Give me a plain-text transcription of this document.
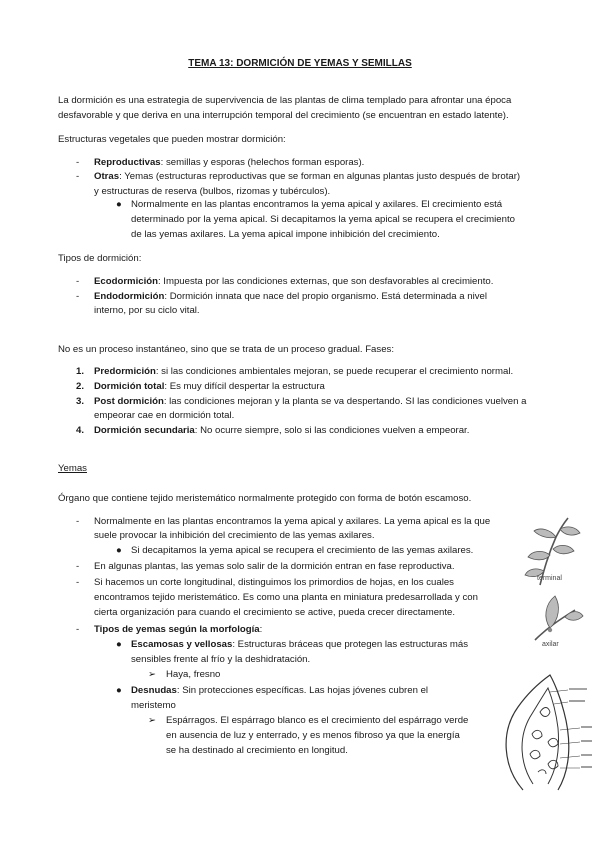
TEMA 13: DORMICIÓN DE YEMAS Y SEMILLAS
La dormición es una estrategia de supervivencia de las plantas de clima templado para afrontar una época
desfavorable y que deriva en una interrupción temporal del crecimiento (se encuentran en estado latente).
Estructuras vegetales que pueden mostrar dormición:
- Reproductivas: semillas y esporas (helechos forman esporas).
- Otras: Yemas (estructuras reproductivas que se forman en algunas plantas justo después de brotar)
y estructuras de reserva (bulbos, rizomas y tubérculos).
● Normalmente en las plantas encontramos la yema apical y axilares. El crecimiento está
determinado por la yema apical. Si decapitamos la yema apical se recupera el crecimiento
de las yemas axilares. La yema apical impone inhibición del crecimiento.
Tipos de dormición:
- Ecodormición: Impuesta por las condiciones externas, que son desfavorables al crecimiento.
- Endodormición: Dormición innata que nace del propio organismo. Está determinada a nivel
interno, por su ciclo vital.
No es un proceso instantáneo, sino que se trata de un proceso gradual. Fases:
1. Predormición: si las condiciones ambientales mejoran, se puede recuperar el crecimiento normal.
2. Dormición total: Es muy difícil despertar la estructura
3. Post dormición: las condiciones mejoran y la planta se va despertando. SI las condiciones vuelven a
empeorar cae en dormición total.
4. Dormición secundaria: No ocurre siempre, solo si las condiciones vuelven a empeorar.
Yemas
Órgano que contiene tejido meristemático normalmente protegido con forma de botón escamoso.
- Normalmente en las plantas encontramos la yema apical y axilares. La yema apical es la que
suele provocar la inhibición del crecimiento de las yemas axilares.
● Si decapitamos la yema apical se recupera el crecimiento de las yemas axilares.
- En algunas plantas, las yemas solo salir de la dormición entran en fase reproductiva.
- Si hacemos un corte longitudinal, distinguimos los primordios de hojas, en los cuales
encontramos tejido meristemático. Es como una planta en miniatura predesarrollada y con
cierta organización para cuando el crecimiento se active, pueda crecer directamente.
- Tipos de yemas según la morfología:
● Escamosas y vellosas: Estructuras bráceas que protegen las estructuras más
sensibles frente al frío y la deshidratación.
➢ Haya, fresno
● Desnudas: Sin protecciones específicas. Las hojas jóvenes cubren el
meristemo
➢ Espárragos. El espárrago blanco es el crecimiento del espárrago verde
en ausencia de luz y enterrado, y es menos fibroso ya que la energía
se ha destinado al crecimiento en longitud.
terminal
axilar
